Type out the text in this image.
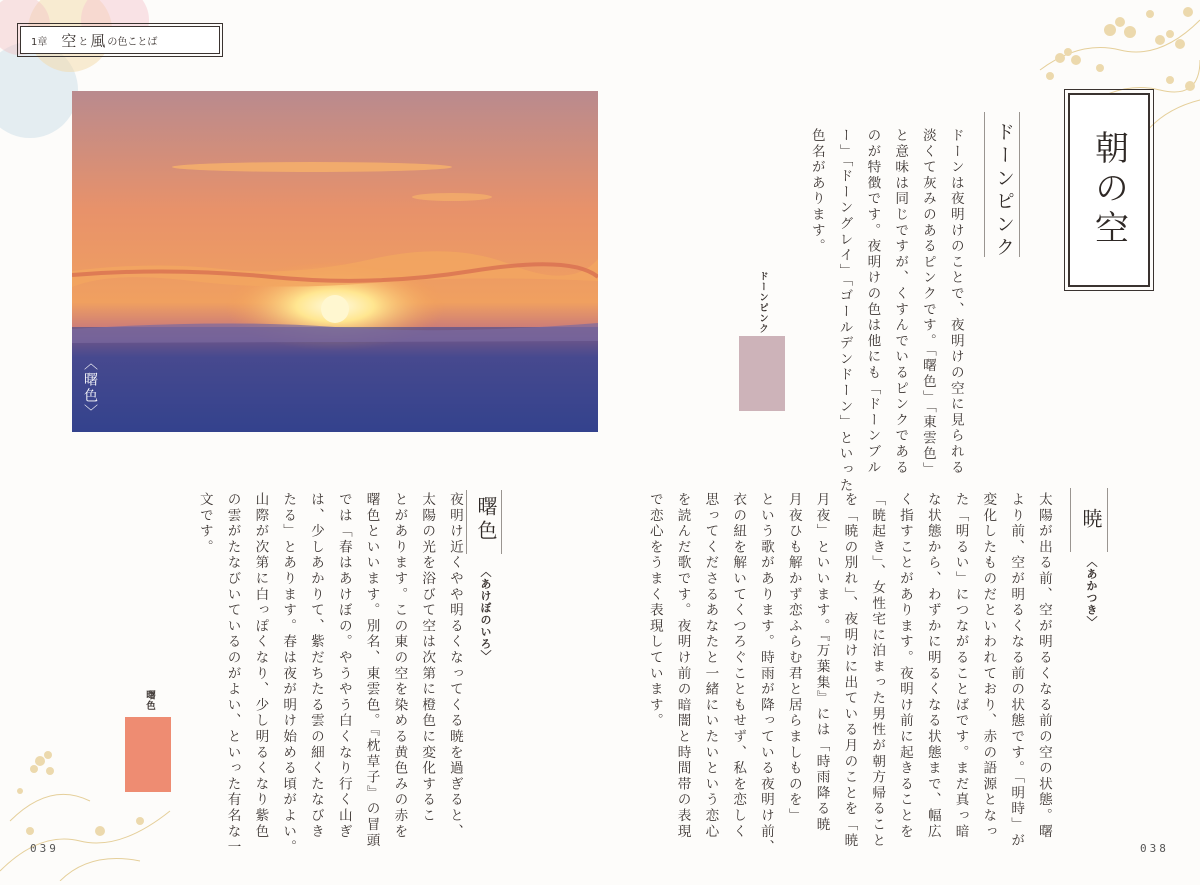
1章 空 と 風 の色ことば
〈曙色〉
朝の空
ドーンピンク

ドーンは夜明けのことで、夜明けの空に見られる
淡くて灰みのあるピンクです。「曙色」「東雲色」
と意味は同じですが、くすんでいるピンクである
のが特徴です。夜明けの色は他にも「ドーンブル
ー」「ドーングレイ」「ゴールデンドーン」といった
色名があります。

ドーンピンク
暁
〈あかつき〉

太陽が出る前、空が明るくなる前の空の状態。曙
より前、空が明るくなる前の状態です。「明時」が
変化したものだといわれており、赤の語源となっ
た「明るい」につながることばです。まだ真っ暗
な状態から、わずかに明るくなる状態まで、幅広
く指すことがあります。夜明け前に起きることを
「暁起き」、女性宅に泊まった男性が朝方帰ること
を「暁の別れ」、夜明けに出ている月のことを「暁
月夜」といいます。『万葉集』には「時雨降る暁
月夜ひも解かず恋ふらむ君と居らましものを」
という歌があります。時雨が降っている夜明け前、
衣の紐を解いてくつろぐこともせず、私を恋しく
思ってくださるあなたと一緒にいたいという恋心
を読んだ歌です。夜明け前の暗闇と時間帯の表現
で恋心をうまく表現しています。

曙色
〈あけぼのいろ〉

夜明け近くやや明るくなってくる暁を過ぎると、
太陽の光を浴びて空は次第に橙色に変化するこ
とがあります。この東の空を染める黄色みの赤を
曙色といいます。別名、東雲色。『枕草子』の冒頭
では「春はあけぼの。やうやう白くなり行く山ぎ
は、少しあかりて、紫だちたる雲の細くたなびき
たる」とあります。春は夜が明け始める頃がよい。
山際が次第に白っぽくなり、少し明るくなり紫色
の雲がたなびいているのがよい、といった有名な一
文です。

曙色
039	038
